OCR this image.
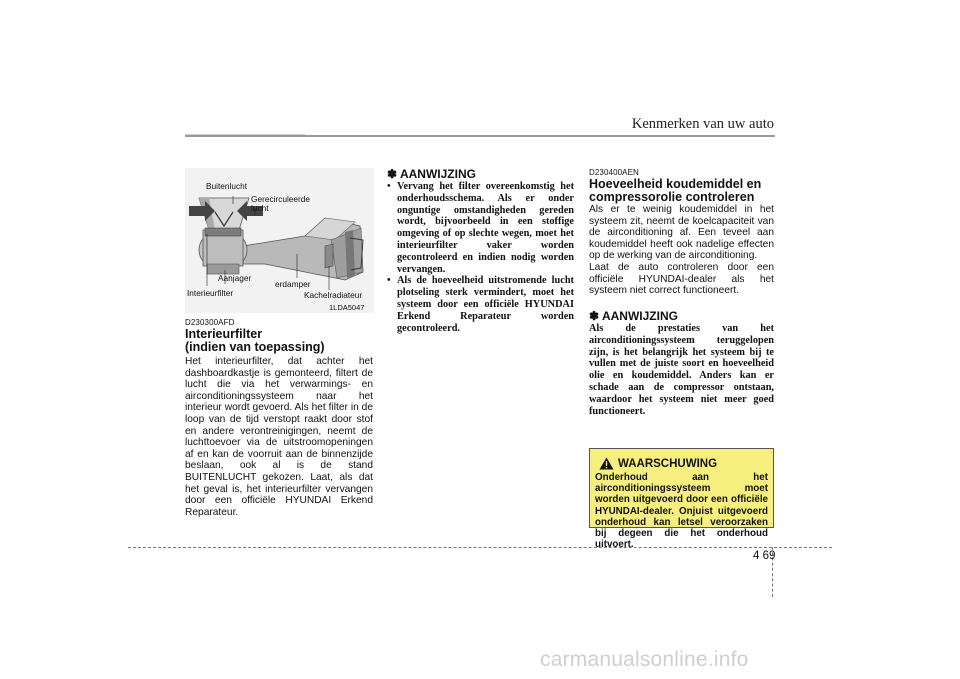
Kenmerken van uw auto
Buitenlucht
Gerecirculeerde
lucht
Aanjager
erdamper
Interieurfilter	Kachelradiateur
1LDA5047
D230300AFD
Interieurfilter
(indien van toepassing)
Het interieurfilter, dat achter het dashboardkastje is gemonteerd, filtert de lucht die via het verwarmings- en airconditioningssysteem naar het interieur wordt gevoerd. Als het filter in de loop van de tijd verstopt raakt door stof en andere verontreinigingen, neemt de luchttoevoer via de uitstroomopeningen af en kan de voorruit aan de binnenzijde beslaan, ook al is de stand BUITENLUCHT gekozen. Laat, als dat het geval is, het interieurfilter vervangen door een officiële HYUNDAI Erkend Reparateur.
✽ AANWIJZING
• Vervang het filter overeenkomstig het onderhoudsschema. Als er onder onguntige omstandigheden gereden wordt, bijvoorbeeld in een stoffige omgeving of op slechte wegen, moet het interieurfilter vaker worden gecontroleerd en indien nodig worden vervangen.
• Als de hoeveelheid uitstromende lucht plotseling sterk vermindert, moet het systeem door een officiële HYUNDAI Erkend Reparateur worden gecontroleerd.
D230400AEN
Hoeveelheid koudemiddel en
compressorolie controleren
Als er te weinig koudemiddel in het systeem zit, neemt de koelcapaciteit van de airconditioning af. Een teveel aan koudemiddel heeft ook nadelige effecten op de werking van de airconditioning.
Laat de auto controleren door een officiële HYUNDAI-dealer als het systeem niet correct functioneert.
✽ AANWIJZING
Als de prestaties van het airconditioningssysteem teruggelopen zijn, is het belangrijk het systeem bij te vullen met de juiste soort en hoeveelheid olie en koudemiddel. Anders kan er schade aan de compressor ontstaan, waardoor het systeem niet meer goed functioneert.
WAARSCHUWING
Onderhoud aan het airconditioningssysteem moet worden uitgevoerd door een officiële HYUNDAI-dealer. Onjuist uitgevoerd onderhoud kan letsel veroorzaken bij degeen die het onderhoud uitvoert.
4 69
carmanualsonline.info
